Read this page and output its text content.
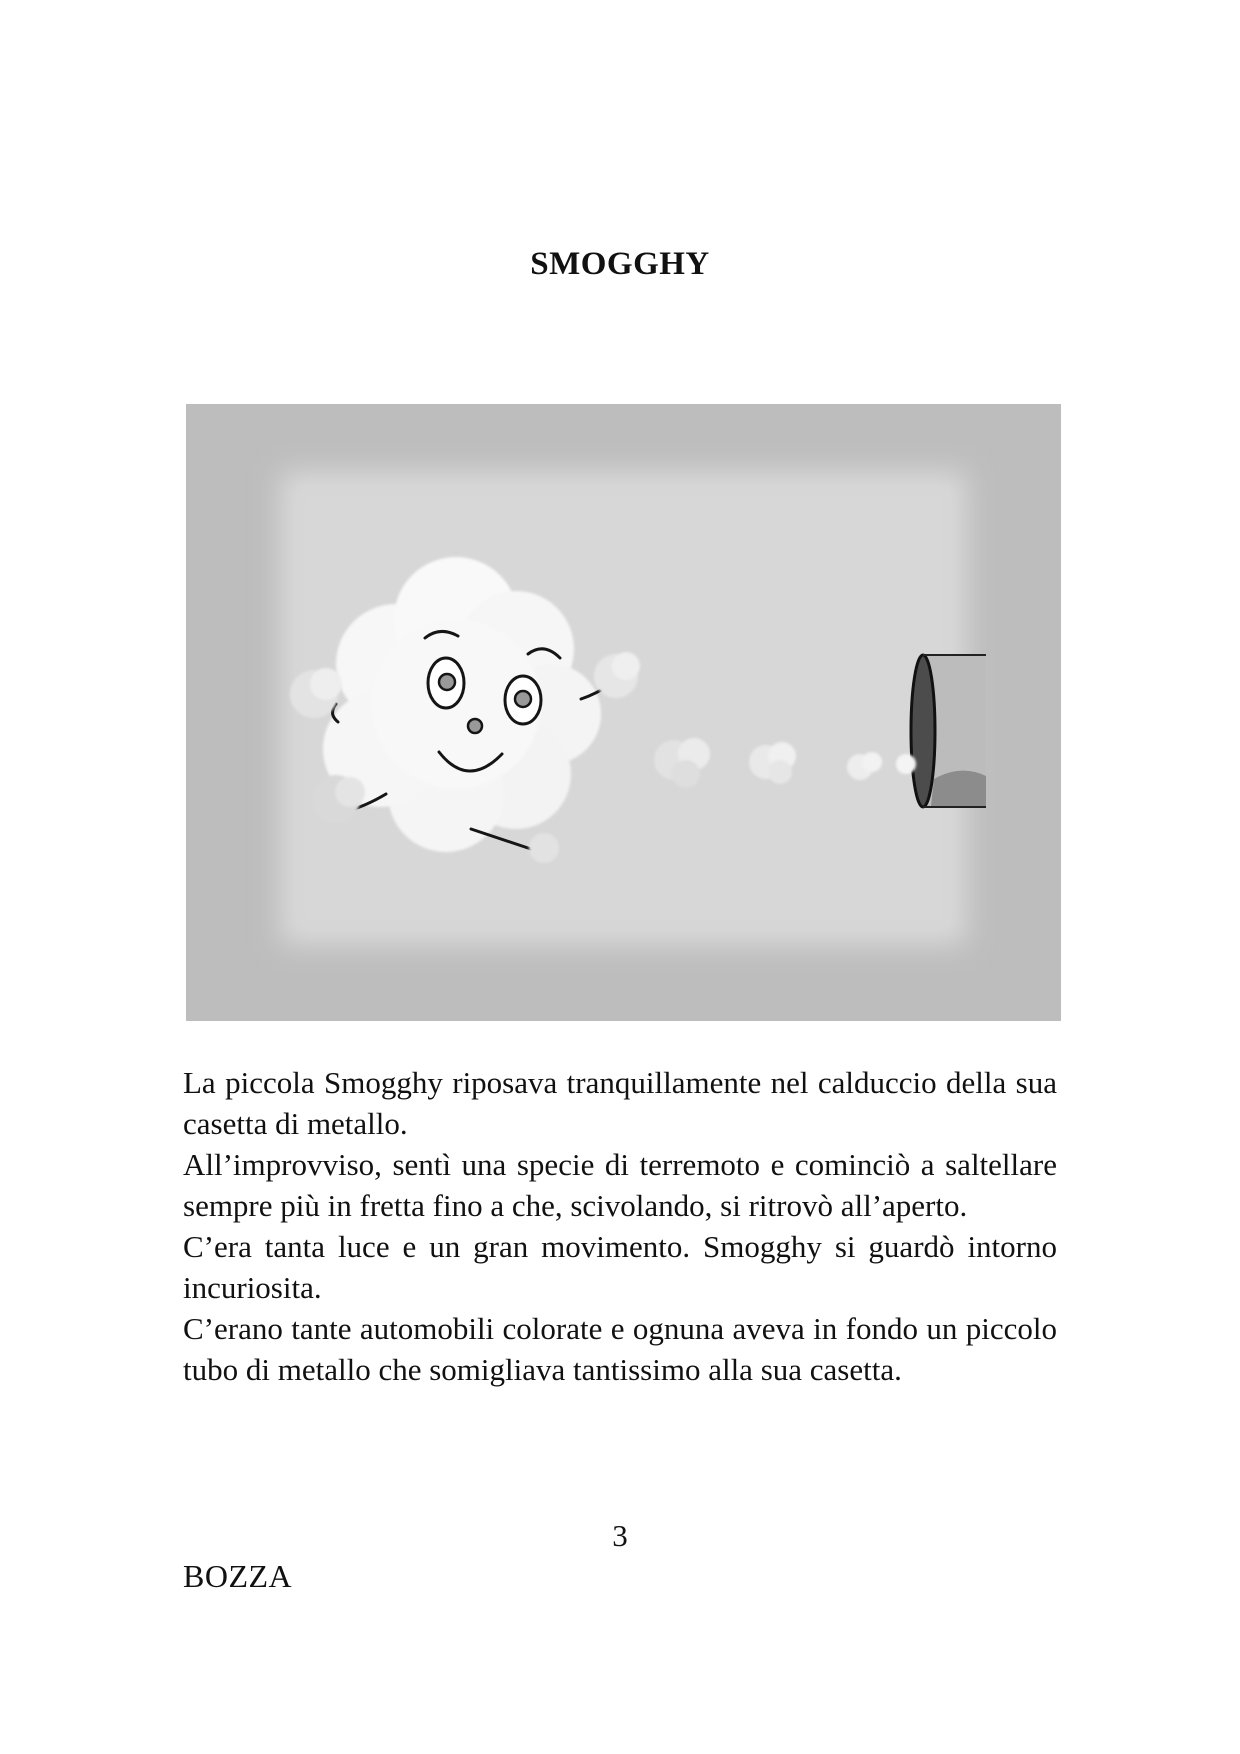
SMOGGHY

La piccola Smogghy riposava tranquillamente nel calduccio della sua casetta di metallo.

All’improvviso, sentì una specie di terremoto e cominciò a saltellare sempre più in fretta fino a che, scivolando, si ritrovò all’aperto.

C’era tanta luce e un gran movimento. Smogghy si guardò intorno incuriosita.

C’erano tante automobili colorate e ognuna aveva in fondo un piccolo tubo di metallo che somigliava tantissimo alla sua casetta.

3
BOZZA
